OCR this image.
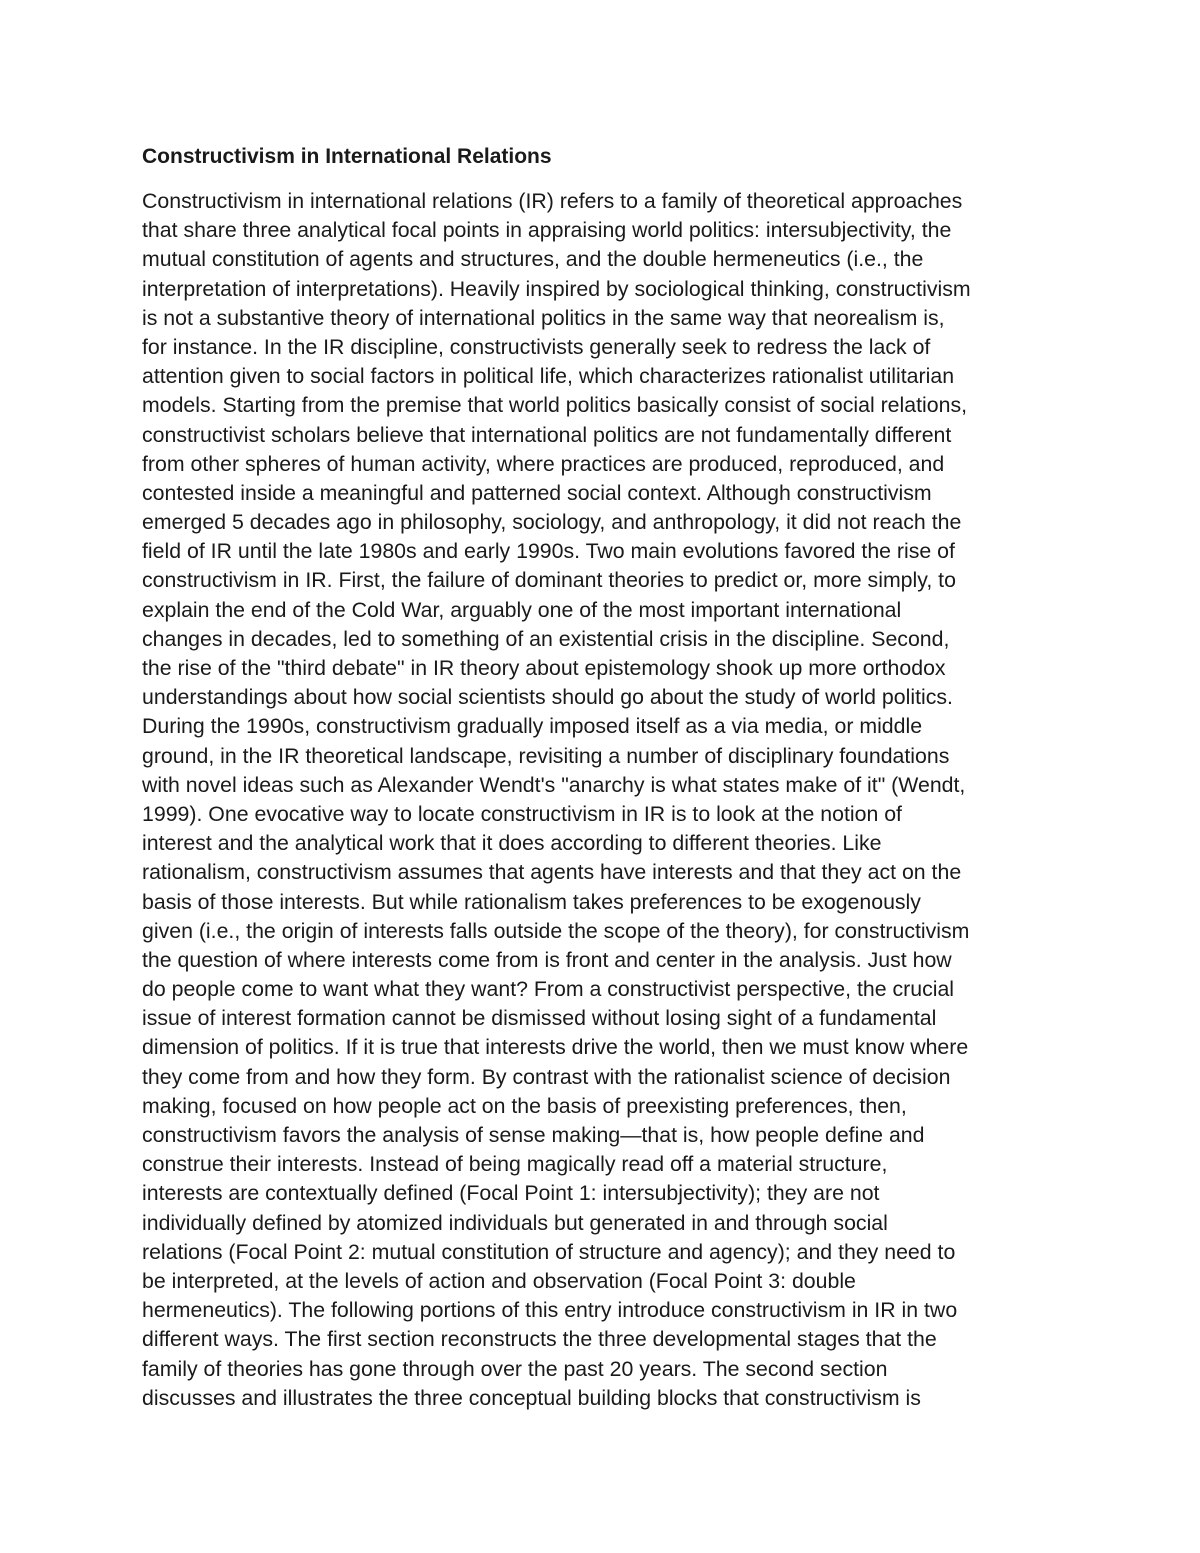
Constructivism in International Relations
Constructivism in international relations (IR) refers to a family of theoretical approaches
that share three analytical focal points in appraising world politics: intersubjectivity, the
mutual constitution of agents and structures, and the double hermeneutics (i.e., the
interpretation of interpretations). Heavily inspired by sociological thinking, constructivism
is not a substantive theory of international politics in the same way that neorealism is,
for instance. In the IR discipline, constructivists generally seek to redress the lack of
attention given to social factors in political life, which characterizes rationalist utilitarian
models. Starting from the premise that world politics basically consist of social relations,
constructivist scholars believe that international politics are not fundamentally different
from other spheres of human activity, where practices are produced, reproduced, and
contested inside a meaningful and patterned social context. Although constructivism
emerged 5 decades ago in philosophy, sociology, and anthropology, it did not reach the
field of IR until the late 1980s and early 1990s. Two main evolutions favored the rise of
constructivism in IR. First, the failure of dominant theories to predict or, more simply, to
explain the end of the Cold War, arguably one of the most important international
changes in decades, led to something of an existential crisis in the discipline. Second,
the rise of the "third debate" in IR theory about epistemology shook up more orthodox
understandings about how social scientists should go about the study of world politics.
During the 1990s, constructivism gradually imposed itself as a via media, or middle
ground, in the IR theoretical landscape, revisiting a number of disciplinary foundations
with novel ideas such as Alexander Wendt's "anarchy is what states make of it" (Wendt,
1999). One evocative way to locate constructivism in IR is to look at the notion of
interest and the analytical work that it does according to different theories. Like
rationalism, constructivism assumes that agents have interests and that they act on the
basis of those interests. But while rationalism takes preferences to be exogenously
given (i.e., the origin of interests falls outside the scope of the theory), for constructivism
the question of where interests come from is front and center in the analysis. Just how
do people come to want what they want? From a constructivist perspective, the crucial
issue of interest formation cannot be dismissed without losing sight of a fundamental
dimension of politics. If it is true that interests drive the world, then we must know where
they come from and how they form. By contrast with the rationalist science of decision
making, focused on how people act on the basis of preexisting preferences, then,
constructivism favors the analysis of sense making—that is, how people define and
construe their interests. Instead of being magically read off a material structure,
interests are contextually defined (Focal Point 1: intersubjectivity); they are not
individually defined by atomized individuals but generated in and through social
relations (Focal Point 2: mutual constitution of structure and agency); and they need to
be interpreted, at the levels of action and observation (Focal Point 3: double
hermeneutics). The following portions of this entry introduce constructivism in IR in two
different ways. The first section reconstructs the three developmental stages that the
family of theories has gone through over the past 20 years. The second section
discusses and illustrates the three conceptual building blocks that constructivism is
